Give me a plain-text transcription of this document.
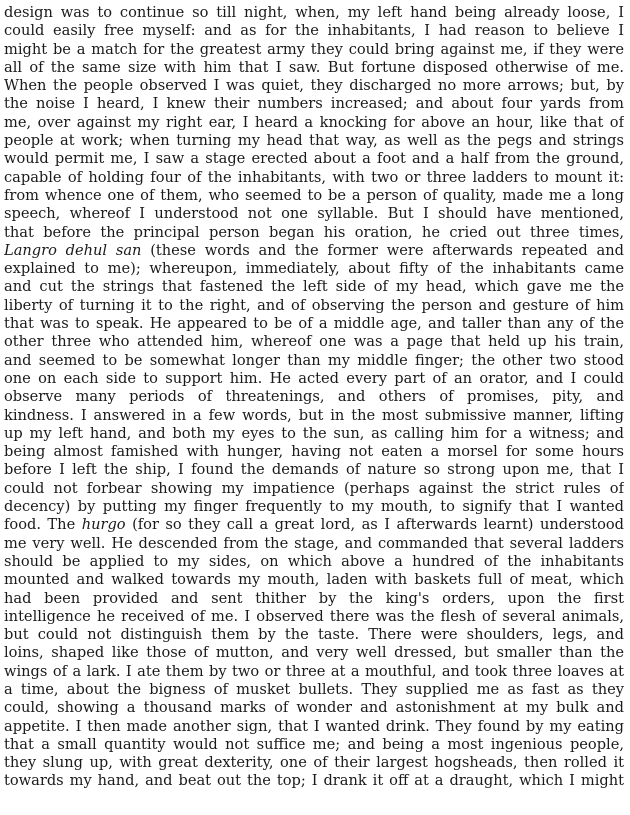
design was to continue so till night, when, my left hand being already loose, I
could easily free myself: and as for the inhabitants, I had reason to believe I
might be a match for the greatest army they could bring against me, if they were
all of the same size with him that I saw. But fortune disposed otherwise of me.
When the people observed I was quiet, they discharged no more arrows; but, by
the noise I heard, I knew their numbers increased; and about four yards from
me, over against my right ear, I heard a knocking for above an hour, like that of
people at work; when turning my head that way, as well as the pegs and strings
would permit me, I saw a stage erected about a foot and a half from the ground,
capable of holding four of the inhabitants, with two or three ladders to mount it:
from whence one of them, who seemed to be a person of quality, made me a long
speech, whereof I understood not one syllable. But I should have mentioned,
that before the principal person began his oration, he cried out three times,
Langro dehul san (these words and the former were afterwards repeated and
explained to me); whereupon, immediately, about fifty of the inhabitants came
and cut the strings that fastened the left side of my head, which gave me the
liberty of turning it to the right, and of observing the person and gesture of him
that was to speak. He appeared to be of a middle age, and taller than any of the
other three who attended him, whereof one was a page that held up his train,
and seemed to be somewhat longer than my middle finger; the other two stood
one on each side to support him. He acted every part of an orator, and I could
observe many periods of threatenings, and others of promises, pity, and
kindness. I answered in a few words, but in the most submissive manner, lifting
up my left hand, and both my eyes to the sun, as calling him for a witness; and
being almost famished with hunger, having not eaten a morsel for some hours
before I left the ship, I found the demands of nature so strong upon me, that I
could not forbear showing my impatience (perhaps against the strict rules of
decency) by putting my finger frequently to my mouth, to signify that I wanted
food. The hurgo (for so they call a great lord, as I afterwards learnt) understood
me very well. He descended from the stage, and commanded that several ladders
should be applied to my sides, on which above a hundred of the inhabitants
mounted and walked towards my mouth, laden with baskets full of meat, which
had been provided and sent thither by the king's orders, upon the first
intelligence he received of me. I observed there was the flesh of several animals,
but could not distinguish them by the taste. There were shoulders, legs, and
loins, shaped like those of mutton, and very well dressed, but smaller than the
wings of a lark. I ate them by two or three at a mouthful, and took three loaves at
a time, about the bigness of musket bullets. They supplied me as fast as they
could, showing a thousand marks of wonder and astonishment at my bulk and
appetite. I then made another sign, that I wanted drink. They found by my eating
that a small quantity would not suffice me; and being a most ingenious people,
they slung up, with great dexterity, one of their largest hogsheads, then rolled it
towards my hand, and beat out the top; I drank it off at a draught, which I might
